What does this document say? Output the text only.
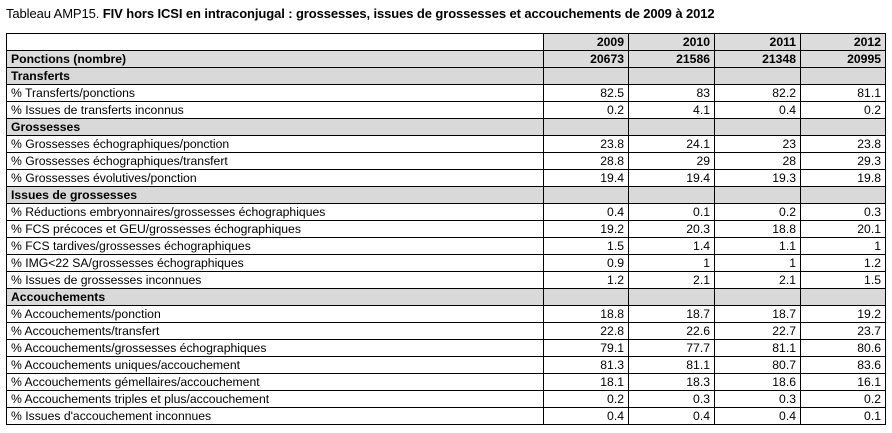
Tableau AMP15. FIV hors ICSI en intraconjugal : grossesses, issues de grossesses et accouchements de 2009 à 2012
	2009	2010	2011	2012
Ponctions (nombre)	20673	21586	21348	20995
Transferts				
% Transferts/ponctions	82.5	83	82.2	81.1
% Issues de transferts inconnus	0.2	4.1	0.4	0.2
Grossesses				
% Grossesses échographiques/ponction	23.8	24.1	23	23.8
% Grossesses échographiques/transfert	28.8	29	28	29.3
% Grossesses évolutives/ponction	19.4	19.4	19.3	19.8
Issues de grossesses				
% Réductions embryonnaires/grossesses échographiques	0.4	0.1	0.2	0.3
% FCS précoces et GEU/grossesses échographiques	19.2	20.3	18.8	20.1
% FCS tardives/grossesses échographiques	1.5	1.4	1.1	1
% IMG<22 SA/grossesses échographiques	0.9	1	1	1.2
% Issues de grossesses inconnues	1.2	2.1	2.1	1.5
Accouchements				
% Accouchements/ponction	18.8	18.7	18.7	19.2
% Accouchements/transfert	22.8	22.6	22.7	23.7
% Accouchements/grossesses échographiques	79.1	77.7	81.1	80.6
% Accouchements uniques/accouchement	81.3	81.1	80.7	83.6
% Accouchements gémellaires/accouchement	18.1	18.3	18.6	16.1
% Accouchements triples et plus/accouchement	0.2	0.3	0.3	0.2
% Issues d'accouchement inconnues	0.4	0.4	0.4	0.1
